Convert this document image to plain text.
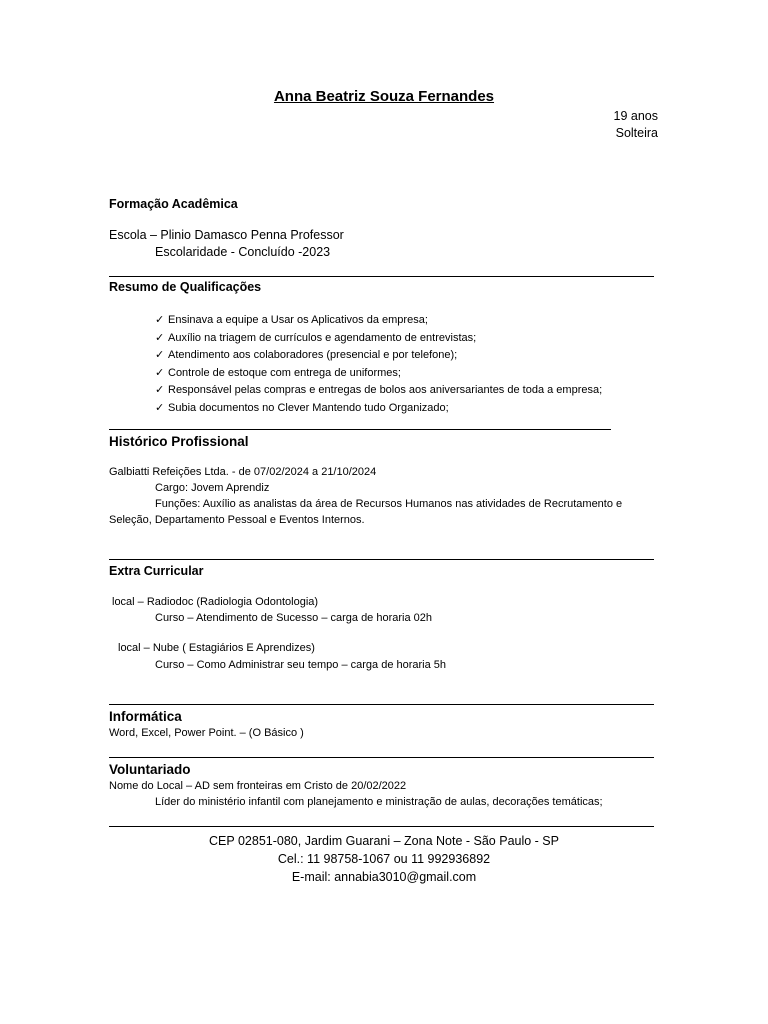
Anna Beatriz Souza Fernandes
19 anos
Solteira
Formação Acadêmica
Escola – Plinio Damasco Penna Professor
Escolaridade - Concluído -2023
Resumo de Qualificações
✓ Ensinava a equipe a Usar os Aplicativos da empresa;
✓ Auxílio na triagem de currículos e agendamento de entrevistas;
✓ Atendimento aos colaboradores (presencial e por telefone);
✓ Controle de estoque com entrega de uniformes;
✓ Responsável pelas compras e entregas de bolos aos aniversariantes de toda a empresa;
✓ Subia documentos no Clever Mantendo tudo Organizado;
Histórico Profissional
Galbiatti Refeições Ltda. - de 07/02/2024 a 21/10/2024
Cargo: Jovem Aprendiz
Funções: Auxílio as analistas da área de Recursos Humanos nas atividades de Recrutamento e
Seleção, Departamento Pessoal e Eventos Internos.
Extra Curricular
local – Radiodoc (Radiologia Odontologia)
Curso – Atendimento de Sucesso – carga de horaria 02h
local – Nube ( Estagiários E Aprendizes)
Curso – Como Administrar seu tempo – carga de horaria 5h
Informática
Word, Excel, Power Point. – (O Básico )
Voluntariado
Nome do Local – AD sem fronteiras em Cristo de 20/02/2022
Líder do ministério infantil com planejamento e ministração de aulas, decorações temáticas;
CEP 02851-080, Jardim Guarani – Zona Note - São Paulo - SP
Cel.: 11 98758-1067 ou 11 992936892
E-mail: annabia3010@gmail.com
